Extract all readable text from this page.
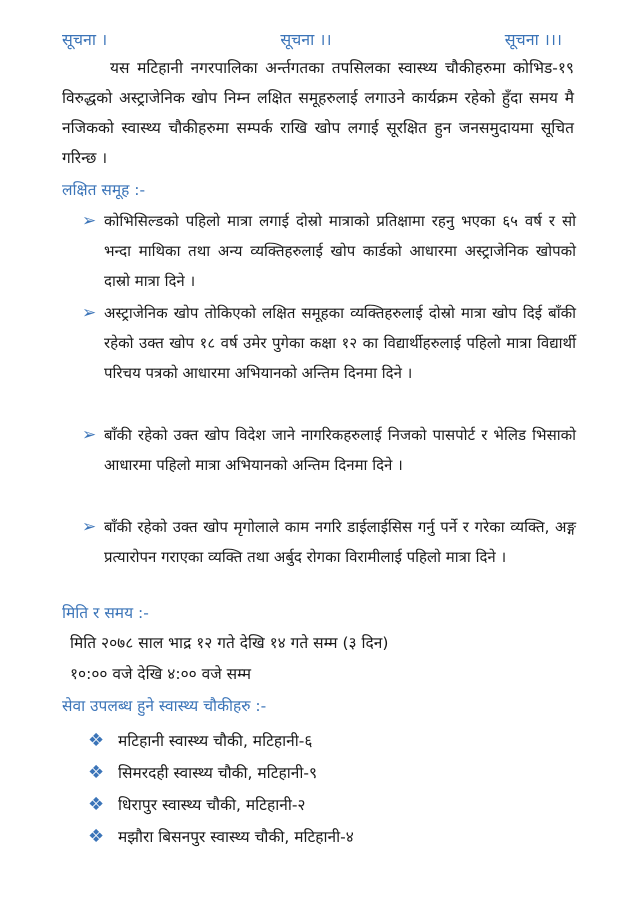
सूचना ।	सूचना ।।	सूचना ।।।
यस मटिहानी नगरपालिका अर्न्तगतका तपसिलका स्वास्थ्य चौकीहरुमा कोभिड-१९ विरुद्धको अस्ट्राजेनिक खोप निम्न लक्षित समूहरुलाई लगाउने कार्यक्रम रहेको हुँदा समय मै नजिकको स्वास्थ्य चौकीहरुमा सम्पर्क राखि खोप लगाई सूरक्षित हुन जनसमुदायमा सूचित गरिन्छ ।
लक्षित समूह :-
➢ कोभिसिल्डको पहिलो मात्रा लगाई दोस्रो मात्राको प्रतिक्षामा रहनु भएका ६५ वर्ष र सो भन्दा माथिका तथा अन्य व्यक्तिहरुलाई खोप कार्डको आधारमा अस्ट्राजेनिक खोपको दास्रो मात्रा दिने ।
➢ अस्ट्राजेनिक खोप तोकिएको लक्षित समूहका व्यक्तिहरुलाई दोस्रो मात्रा खोप दिई बाँकी रहेको उक्त खोप १८ वर्ष उमेर पुगेका कक्षा १२ का विद्यार्थीहरुलाई पहिलो मात्रा विद्यार्थी परिचय पत्रको आधारमा अभियानको अन्तिम दिनमा दिने ।
➢ बाँकी रहेको उक्त खोप विदेश जाने नागरिकहरुलाई निजको पासपोर्ट र भेलिड भिसाको आधारमा पहिलो मात्रा अभियानको अन्तिम दिनमा दिने ।
➢ बाँकी रहेको उक्त खोप मृगोलाले काम नगरि डाईलाईसिस गर्नु पर्ने र गरेका व्यक्ति, अङ्ग प्रत्यारोपन गराएका व्यक्ति तथा अर्बुद रोगका विरामीलाई पहिलो मात्रा दिने ।
मिति र समय :-
मिति २०७८ साल भाद्र १२ गते देखि १४ गते सम्म (३ दिन)
१०:०० वजे देखि ४:०० वजे सम्म
सेवा उपलब्ध हुने स्वास्थ्य चौकीहरु :-
❖ मटिहानी स्वास्थ्य चौकी, मटिहानी-६
❖ सिमरदही स्वास्थ्य चौकी, मटिहानी-९
❖ धिरापुर स्वास्थ्य चौकी, मटिहानी-२
❖ मझौरा बिसनपुर स्वास्थ्य चौकी, मटिहानी-४
